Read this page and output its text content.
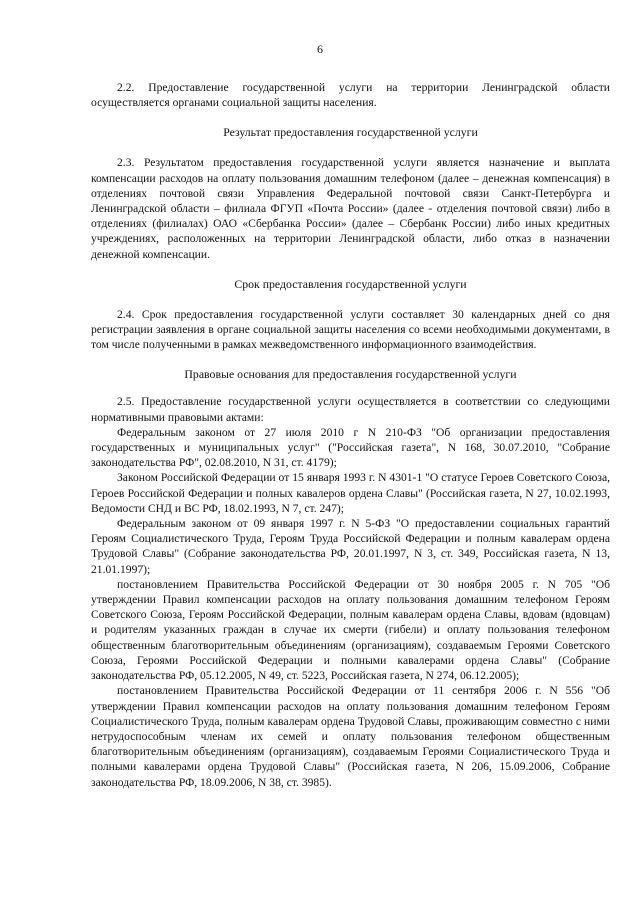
6

2.2. Предоставление государственной услуги на территории Ленинградской области осуществляется органами социальной защиты населения.

Результат предоставления государственной услуги

2.3. Результатом предоставления государственной услуги является назначение и выплата компенсации расходов на оплату пользования домашним телефоном (далее – денежная компенсация) в отделениях почтовой связи Управления Федеральной почтовой связи Санкт-Петербурга и Ленинградской области – филиала ФГУП «Почта России» (далее - отделения почтовой связи) либо в отделениях (филиалах) ОАО «Сбербанка России» (далее – Сбербанк России) либо иных кредитных учреждениях, расположенных на территории Ленинградской области, либо отказ в назначении денежной компенсации.

Срок предоставления государственной услуги

2.4. Срок предоставления государственной услуги составляет 30 календарных дней со дня регистрации заявления в органе социальной защиты населения со всеми необходимыми документами, в том числе полученными в рамках межведомственного информационного взаимодействия.

Правовые основания для предоставления государственной услуги

2.5. Предоставление государственной услуги осуществляется в соответствии со следующими нормативными правовыми актами:

Федеральным законом от 27 июля 2010 г N 210-ФЗ "Об организации предоставления государственных и муниципальных услуг" ("Российская газета", N 168, 30.07.2010, "Собрание законодательства РФ", 02.08.2010, N 31, ст. 4179);

Законом Российской Федерации от 15 января 1993 г. N 4301-1 "О статусе Героев Советского Союза, Героев Российской Федерации и полных кавалеров ордена Славы" (Российская газета, N 27, 10.02.1993, Ведомости СНД и ВС РФ, 18.02.1993, N 7, ст. 247);

Федеральным законом от 09 января 1997 г. N 5-ФЗ "О предоставлении социальных гарантий Героям Социалистического Труда, Героям Труда Российской Федерации и полным кавалерам ордена Трудовой Славы" (Собрание законодательства РФ, 20.01.1997, N 3, ст. 349, Российская газета, N 13, 21.01.1997);

постановлением Правительства Российской Федерации от 30 ноября 2005 г. N 705 "Об утверждении Правил компенсации расходов на оплату пользования домашним телефоном Героям Советского Союза, Героям Российской Федерации, полным кавалерам ордена Славы, вдовам (вдовцам) и родителям указанных граждан в случае их смерти (гибели) и оплату пользования телефоном общественным благотворительным объединениям (организациям), создаваемым Героями Советского Союза, Героями Российской Федерации и полными кавалерами ордена Славы" (Собрание законодательства РФ, 05.12.2005, N 49, ст. 5223, Российская газета, N 274, 06.12.2005);

постановлением Правительства Российской Федерации от 11 сентября 2006 г. N 556 "Об утверждении Правил компенсации расходов на оплату пользования домашним телефоном Героям Социалистического Труда, полным кавалерам ордена Трудовой Славы, проживающим совместно с ними нетрудоспособным членам их семей и оплату пользования телефоном общественным благотворительным объединениям (организациям), создаваемым Героями Социалистического Труда и полными кавалерами ордена Трудовой Славы" (Российская газета, N 206, 15.09.2006, Собрание законодательства РФ, 18.09.2006, N 38, ст. 3985).
